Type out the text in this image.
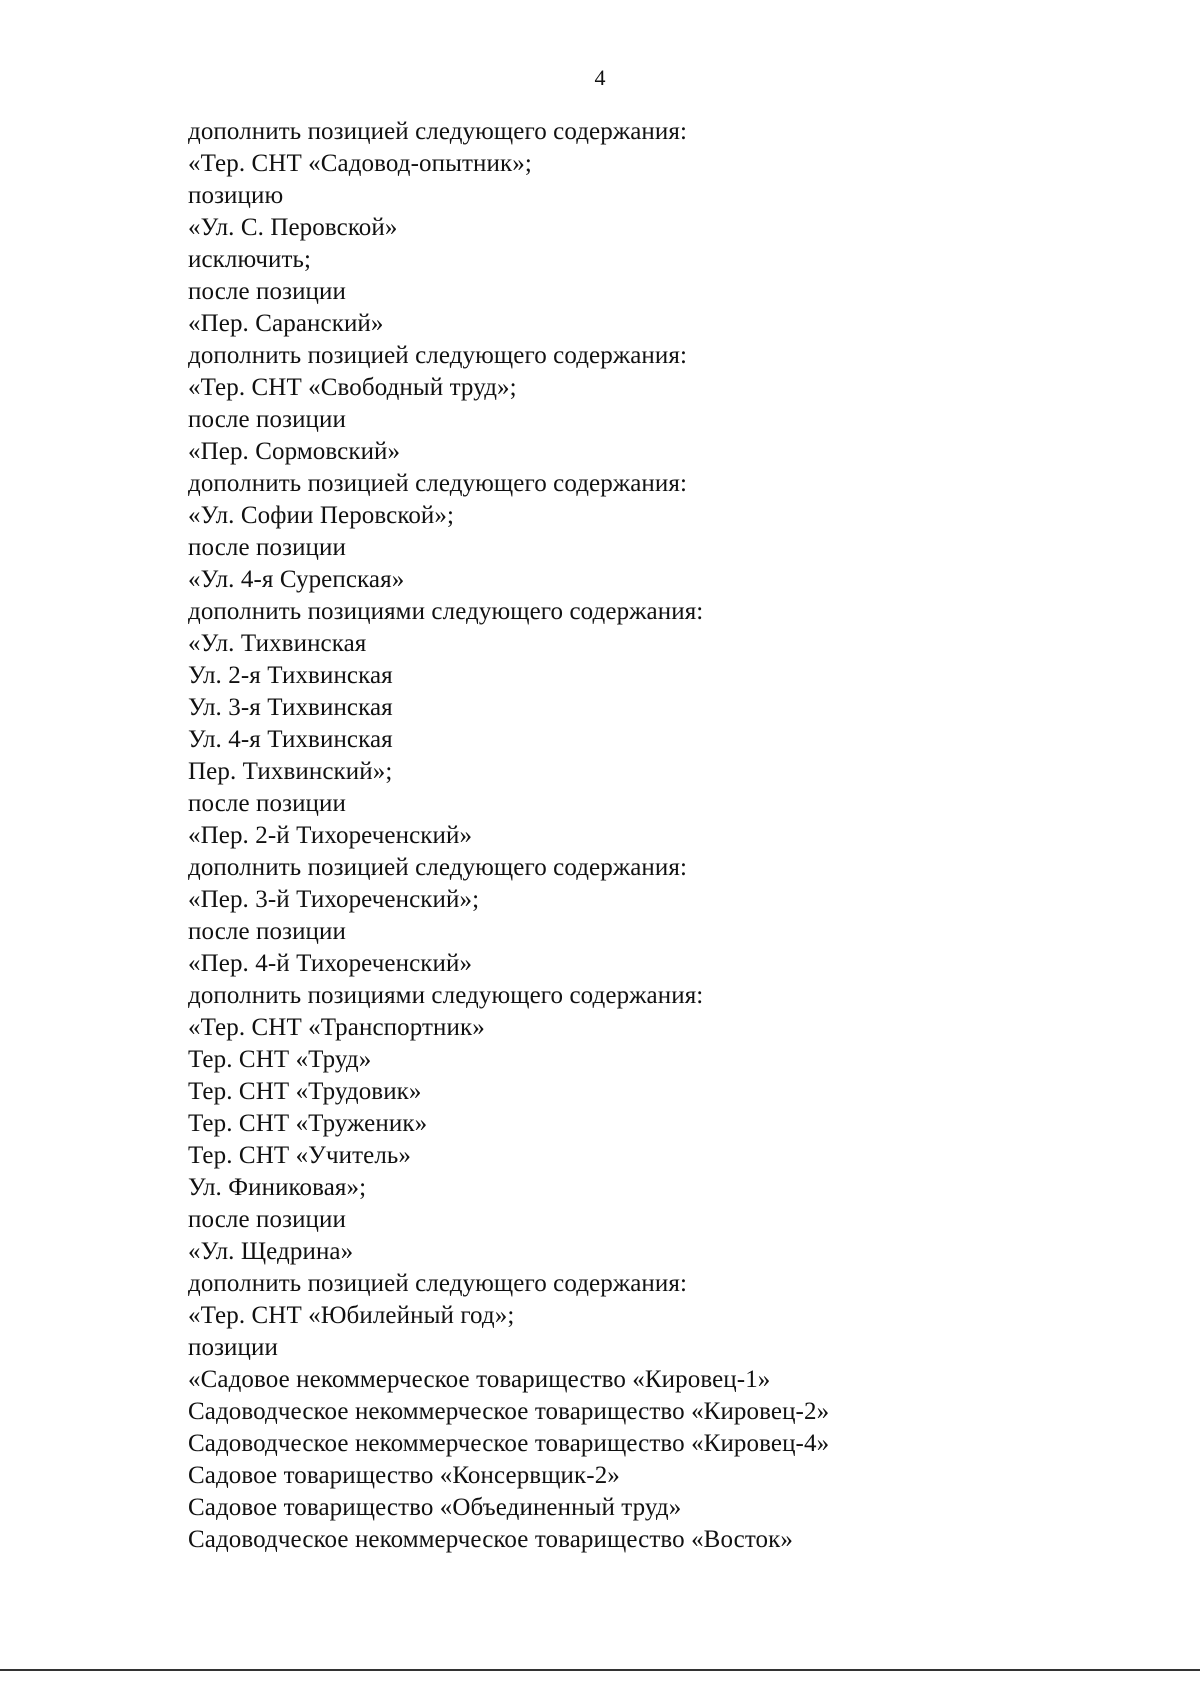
4
дополнить позицией следующего содержания:
«Тер. СНТ «Садовод-опытник»;
позицию
«Ул. С. Перовской»
исключить;
после позиции
«Пер. Саранский»
дополнить позицией следующего содержания:
«Тер. СНТ «Свободный труд»;
после позиции
«Пер. Сормовский»
дополнить позицией следующего содержания:
«Ул. Софии Перовской»;
после позиции
«Ул. 4-я Сурепская»
дополнить позициями следующего содержания:
«Ул. Тихвинская
Ул. 2-я Тихвинская
Ул. 3-я Тихвинская
Ул. 4-я Тихвинская
Пер. Тихвинский»;
после позиции
«Пер. 2-й Тихореченский»
дополнить позицией следующего содержания:
«Пер. 3-й Тихореченский»;
после позиции
«Пер. 4-й Тихореченский»
дополнить позициями следующего содержания:
«Тер. СНТ «Транспортник»
Тер. СНТ «Труд»
Тер. СНТ «Трудовик»
Тер. СНТ «Труженик»
Тер. СНТ «Учитель»
Ул. Финиковая»;
после позиции
«Ул. Щедрина»
дополнить позицией следующего содержания:
«Тер. СНТ «Юбилейный год»;
позиции
«Садовое некоммерческое товарищество «Кировец-1»
Садоводческое некоммерческое товарищество «Кировец-2»
Садоводческое некоммерческое товарищество «Кировец-4»
Садовое товарищество «Консервщик-2»
Садовое товарищество «Объединенный труд»
Садоводческое некоммерческое товарищество «Восток»
